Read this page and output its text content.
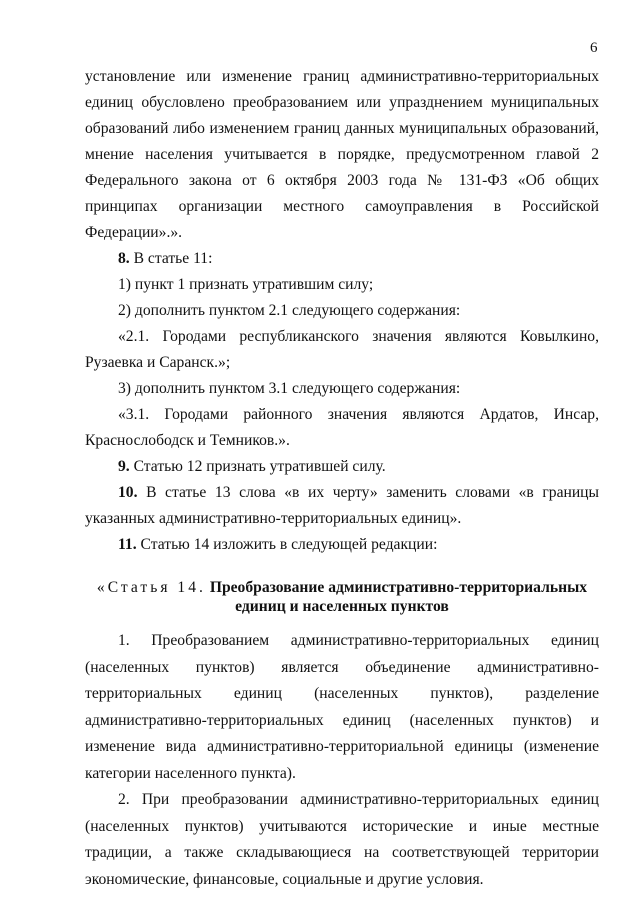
6

установление или изменение границ административно-территориальных единиц обусловлено преобразованием или упразднением муниципальных образований либо изменением границ данных муниципальных образований, мнение населения учитывается в порядке, предусмотренном главой 2 Федерального закона от 6 октября 2003 года № 131-ФЗ «Об общих принципах организации местного самоуправления в Российской Федерации».».

8. В статье 11:

1) пункт 1 признать утратившим силу;

2) дополнить пунктом 2.1 следующего содержания:

«2.1. Городами республиканского значения являются Ковылкино, Рузаевка и Саранск.»;

3) дополнить пунктом 3.1 следующего содержания:

«3.1. Городами районного значения являются Ардатов, Инсар, Краснослободск и Темников.».

9. Статью 12 признать утратившей силу.

10. В статье 13 слова «в их черту» заменить словами «в границы указанных административно-территориальных единиц».

11. Статью 14 изложить в следующей редакции:

«Статья 14. Преобразование административно-территориальных единиц и населенных пунктов

1. Преобразованием административно-территориальных единиц (населенных пунктов) является объединение административно-территориальных единиц (населенных пунктов), разделение административно-территориальных единиц (населенных пунктов) и изменение вида административно-территориальной единицы (изменение категории населенного пункта).

2. При преобразовании административно-территориальных единиц (населенных пунктов) учитываются исторические и иные местные традиции, а также складывающиеся на соответствующей территории экономические, финансовые, социальные и другие условия.
